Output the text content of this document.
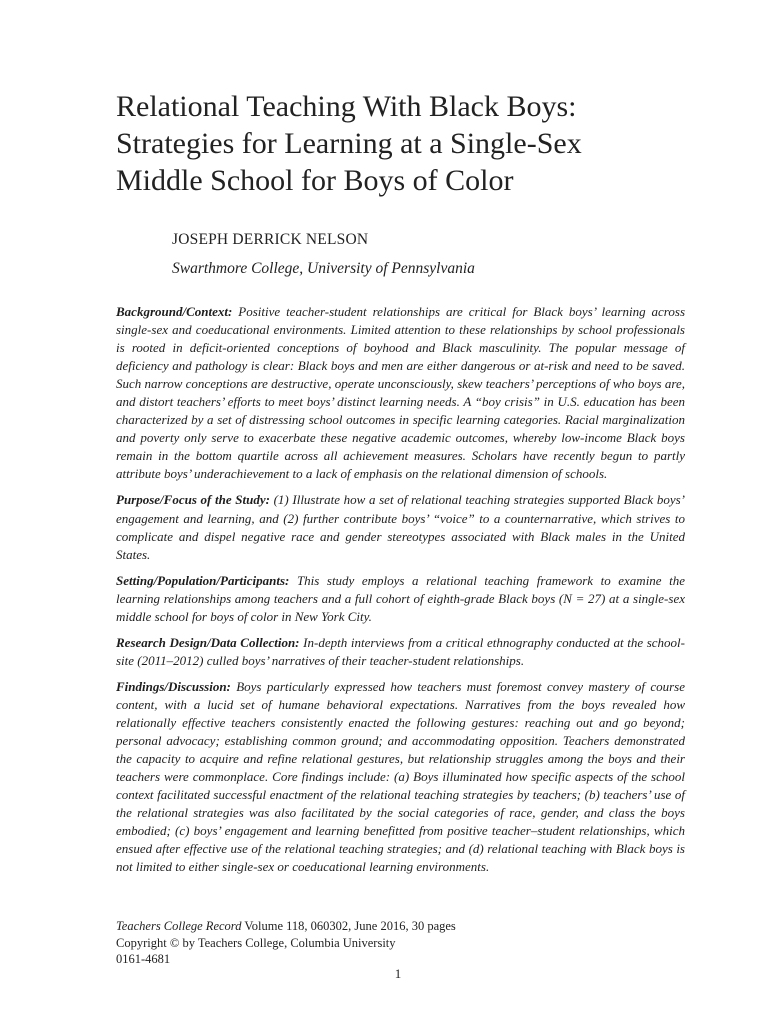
Relational Teaching With Black Boys:
Strategies for Learning at a Single-Sex
Middle School for Boys of Color
JOSEPH DERRICK NELSON
Swarthmore College, University of Pennsylvania

Background/Context: Positive teacher-student relationships are critical for Black boys’ learning across single-sex and coeducational environments. Limited attention to these relationships by school professionals is rooted in deficit-oriented conceptions of boyhood and Black masculinity. The popular message of deficiency and pathology is clear: Black boys and men are either dangerous or at-risk and need to be saved. Such narrow conceptions are destructive, operate unconsciously, skew teachers’ perceptions of who boys are, and distort teachers’ efforts to meet boys’ distinct learning needs. A “boy crisis” in U.S. education has been characterized by a set of distressing school outcomes in specific learning categories. Racial marginalization and poverty only serve to exacerbate these negative academic outcomes, whereby low-income Black boys remain in the bottom quartile across all achievement measures. Scholars have recently begun to partly attribute boys’ underachievement to a lack of emphasis on the relational dimension of schools.

Purpose/Focus of the Study: (1) Illustrate how a set of relational teaching strategies supported Black boys’ engagement and learning, and (2) further contribute boys’ “voice” to a counternarrative, which strives to complicate and dispel negative race and gender stereotypes associated with Black males in the United States.

Setting/Population/Participants: This study employs a relational teaching framework to examine the learning relationships among teachers and a full cohort of eighth-grade Black boys (N = 27) at a single-sex middle school for boys of color in New York City.

Research Design/Data Collection: In-depth interviews from a critical ethnography conducted at the school-site (2011–2012) culled boys’ narratives of their teacher-student relationships.

Findings/Discussion: Boys particularly expressed how teachers must foremost convey mastery of course content, with a lucid set of humane behavioral expectations. Narratives from the boys revealed how relationally effective teachers consistently enacted the following gestures: reaching out and go beyond; personal advocacy; establishing common ground; and accommodating opposition. Teachers demonstrated the capacity to acquire and refine relational gestures, but relationship struggles among the boys and their teachers were commonplace. Core findings include: (a) Boys illuminated how specific aspects of the school context facilitated successful enactment of the relational teaching strategies by teachers; (b) teachers’ use of the relational strategies was also facilitated by the social categories of race, gender, and class the boys embodied; (c) boys’ engagement and learning benefitted from positive teacher–student relationships, which ensued after effective use of the relational teaching strategies; and (d) relational teaching with Black boys is not limited to either single-sex or coeducational learning environments.

Teachers College Record Volume 118, 060302, June 2016, 30 pages
Copyright © by Teachers College, Columbia University
0161-4681
1
